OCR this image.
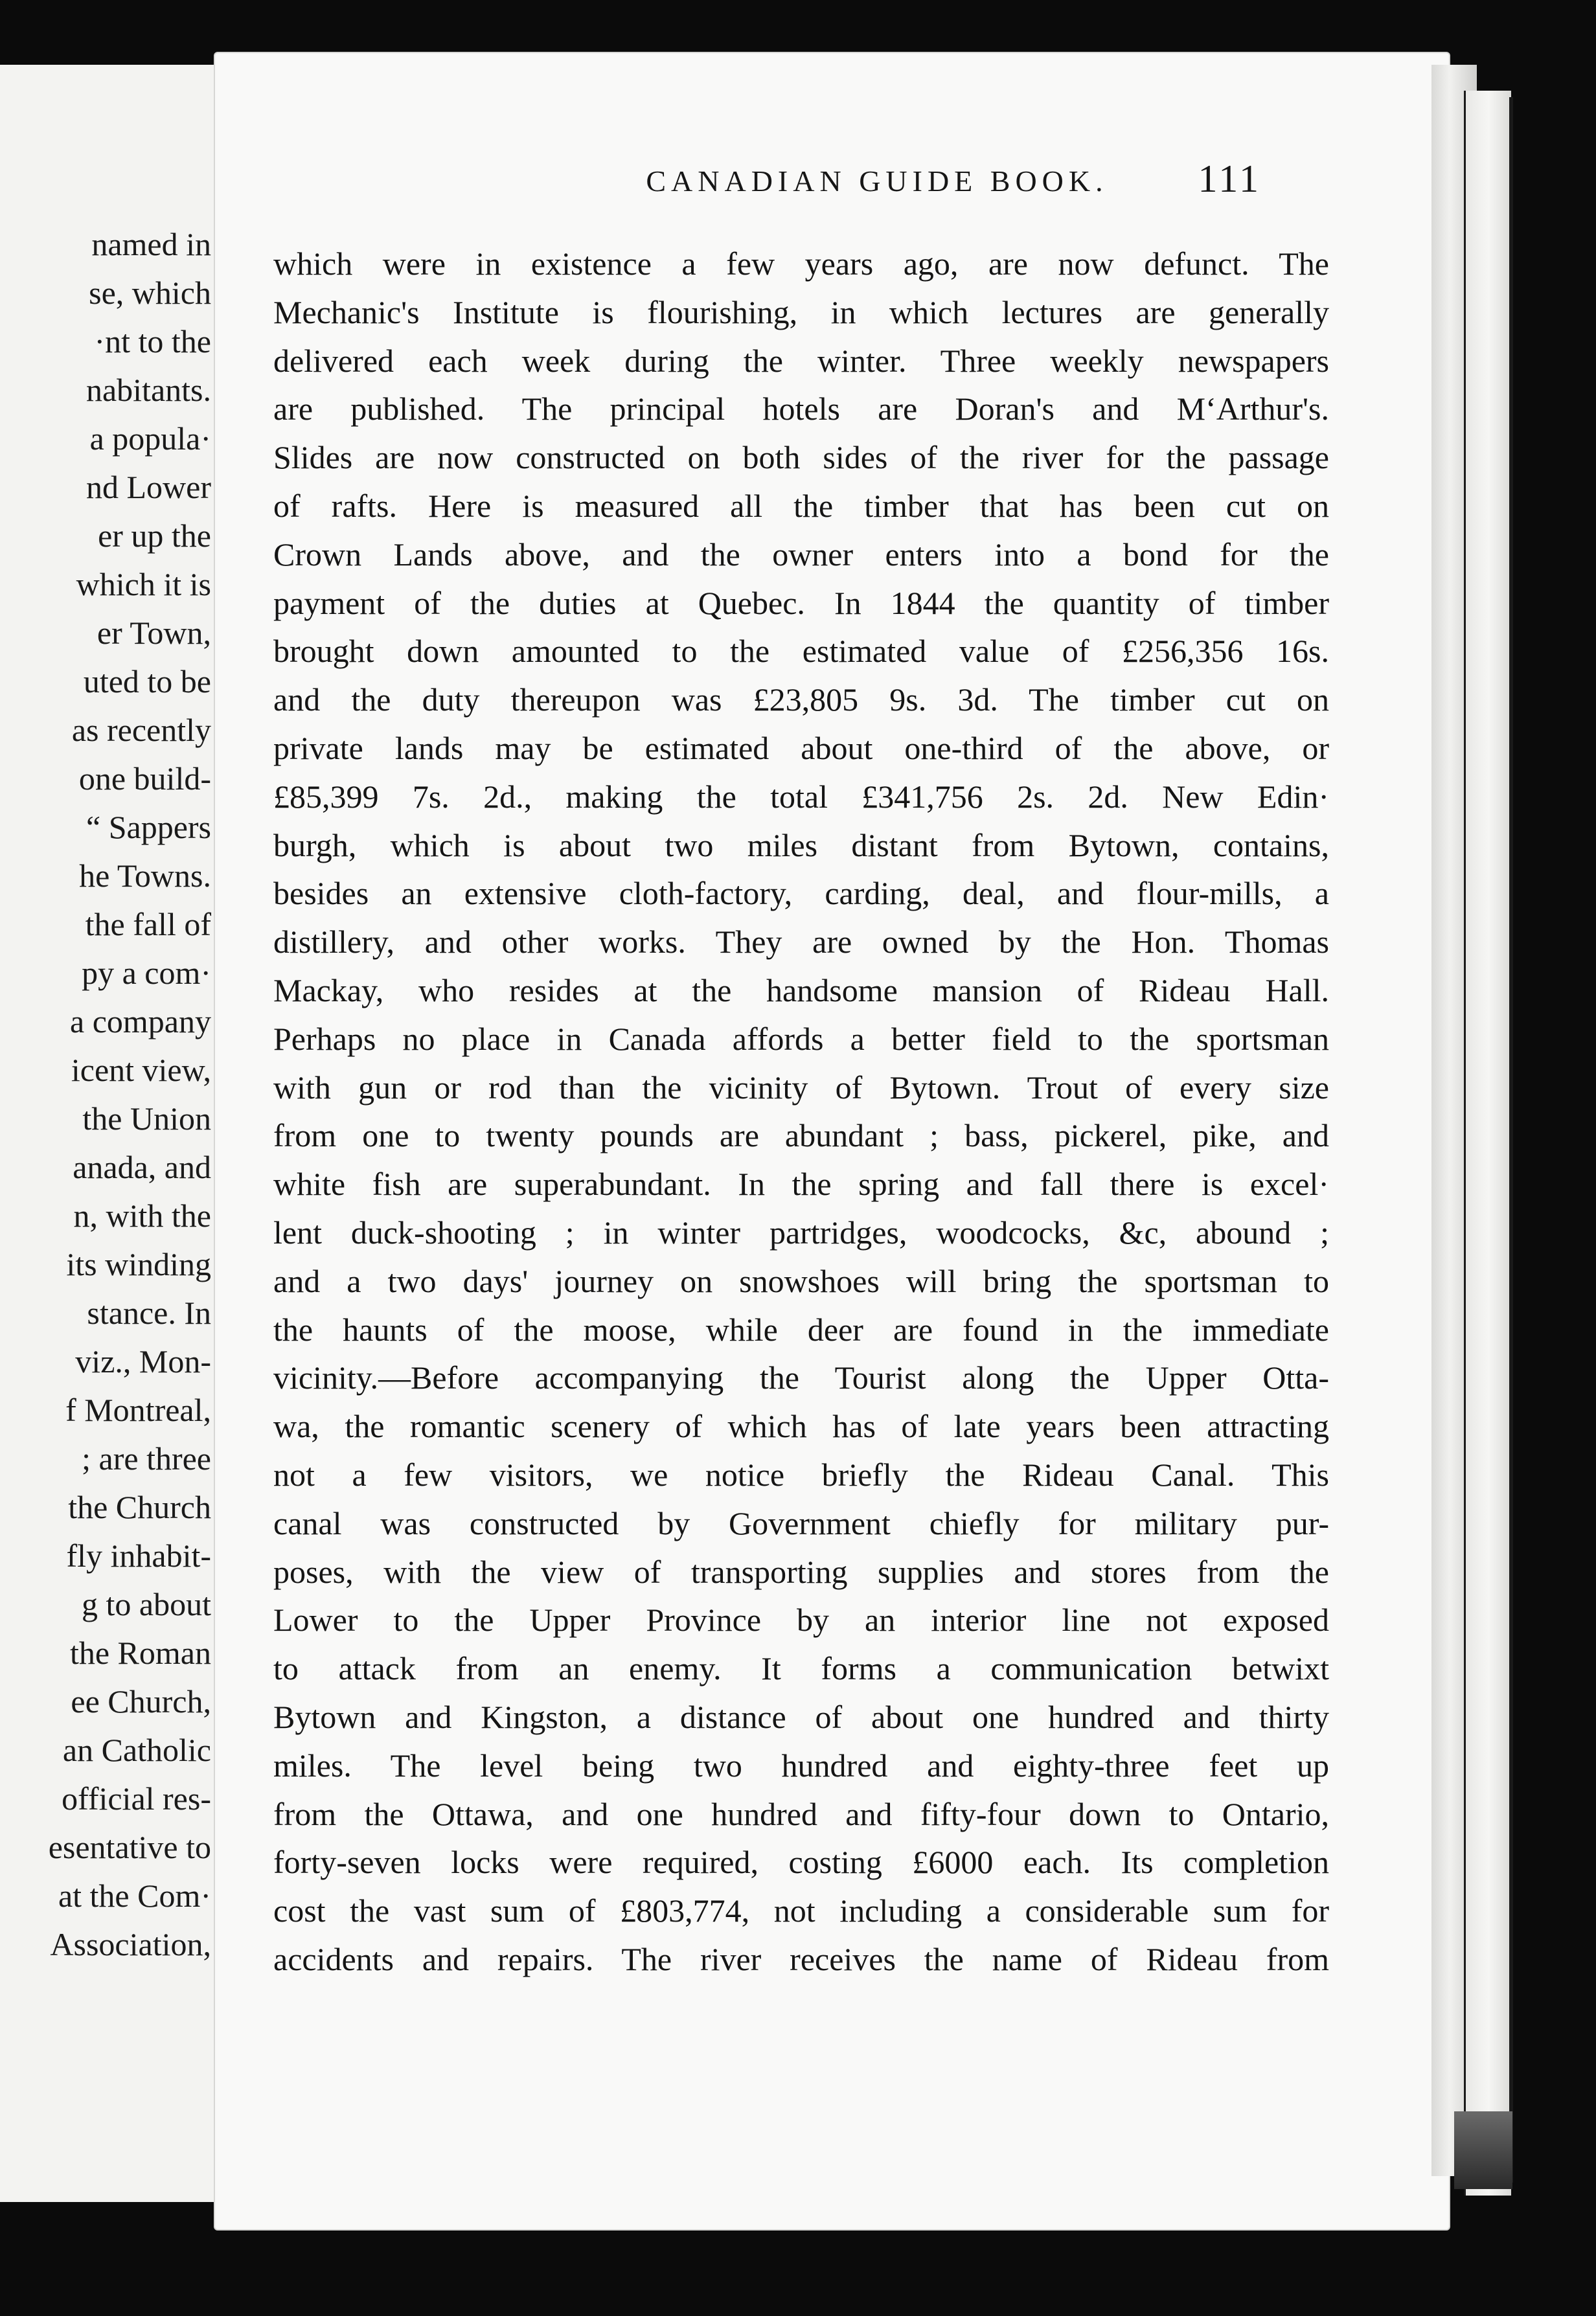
named in
se, which
·nt to the
nabitants.
a popula·
nd Lower
er up the
which it is
er Town,
uted to be
as recently
one build-
“ Sappers
he Towns.
the fall of
py a com·
a company
icent view,
the Union
anada, and
n, with the
its winding
stance. In
viz., Mon-
f Montreal,
; are three
the Church
fly inhabit-
g to about
the Roman
ee Church,
an Catholic
official res-
esentative to
at the Com·
Association,
CANADIAN GUIDE BOOK.	111
which were in existence a few years ago, are now defunct. The
Mechanic's Institute is flourishing, in which lectures are generally
delivered each week during the winter. Three weekly newspapers
are published. The principal hotels are Doran's and M‘Arthur's.
Slides are now constructed on both sides of the river for the passage
of rafts. Here is measured all the timber that has been cut on
Crown Lands above, and the owner enters into a bond for the
payment of the duties at Quebec. In 1844 the quantity of timber
brought down amounted to the estimated value of £256,356 16s.
and the duty thereupon was £23,805 9s. 3d. The timber cut on
private lands may be estimated about one-third of the above, or
£85,399 7s. 2d., making the total £341,756 2s. 2d. New Edin·
burgh, which is about two miles distant from Bytown, contains,
besides an extensive cloth-factory, carding, deal, and flour-mills, a
distillery, and other works. They are owned by the Hon. Thomas
Mackay, who resides at the handsome mansion of Rideau Hall.
Perhaps no place in Canada affords a better field to the sportsman
with gun or rod than the vicinity of Bytown. Trout of every size
from one to twenty pounds are abundant ; bass, pickerel, pike, and
white fish are superabundant. In the spring and fall there is excel·
lent duck-shooting ; in winter partridges, woodcocks, &c, abound ;
and a two days' journey on snowshoes will bring the sportsman to
the haunts of the moose, while deer are found in the immediate
vicinity.—Before accompanying the Tourist along the Upper Otta-
wa, the romantic scenery of which has of late years been attracting
not a few visitors, we notice briefly the Rideau Canal. This
canal was constructed by Government chiefly for military pur-
poses, with the view of transporting supplies and stores from the
Lower to the Upper Province by an interior line not exposed
to attack from an enemy. It forms a communication betwixt
Bytown and Kingston, a distance of about one hundred and thirty
miles. The level being two hundred and eighty-three feet up
from the Ottawa, and one hundred and fifty-four down to Ontario,
forty-seven locks were required, costing £6000 each. Its completion
cost the vast sum of £803,774, not including a considerable sum for
accidents and repairs. The river receives the name of Rideau from
